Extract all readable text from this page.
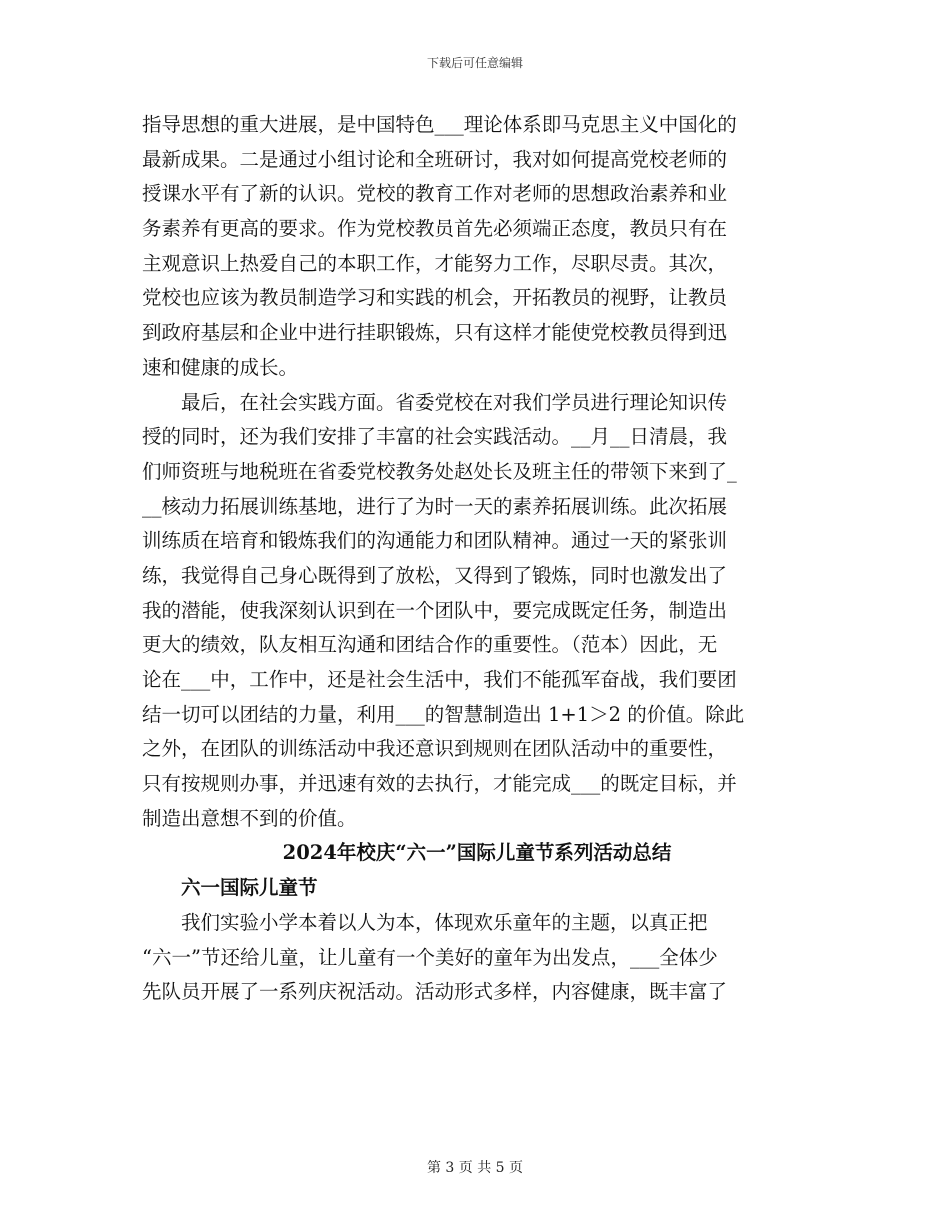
下载后可任意编辑
指导思想的重大进展，是中国特色___理论体系即马克思主义中国化的
最新成果。二是通过小组讨论和全班研讨，我对如何提高党校老师的
授课水平有了新的认识。党校的教育工作对老师的思想政治素养和业
务素养有更高的要求。作为党校教员首先必须端正态度，教员只有在
主观意识上热爱自己的本职工作，才能努力工作，尽职尽责。其次，
党校也应该为教员制造学习和实践的机会，开拓教员的视野，让教员
到政府基层和企业中进行挂职锻炼，只有这样才能使党校教员得到迅
速和健康的成长。
　　最后，在社会实践方面。省委党校在对我们学员进行理论知识传
授的同时，还为我们安排了丰富的社会实践活动。__月__日清晨，我
们师资班与地税班在省委党校教务处赵处长及班主任的带领下来到了_
__核动力拓展训练基地，进行了为时一天的素养拓展训练。此次拓展
训练质在培育和锻炼我们的沟通能力和团队精神。通过一天的紧张训
练，我觉得自己身心既得到了放松，又得到了锻炼，同时也激发出了
我的潜能，使我深刻认识到在一个团队中，要完成既定任务，制造出
更大的绩效，队友相互沟通和团结合作的重要性。（范本）因此，无
论在___中，工作中，还是社会生活中，我们不能孤军奋战，我们要团
结一切可以团结的力量，利用___的智慧制造出 1+1＞2 的价值。除此
之外，在团队的训练活动中我还意识到规则在团队活动中的重要性，
只有按规则办事，并迅速有效的去执行，才能完成___的既定目标，并
制造出意想不到的价值。
2024年校庆“六一”国际儿童节系列活动总结
　　六一国际儿童节
　　我们实验小学本着以人为本，体现欢乐童年的主题，以真正把
“六一”节还给儿童，让儿童有一个美好的童年为出发点，___全体少
先队员开展了一系列庆祝活动。活动形式多样，内容健康，既丰富了
第 3 页 共 5 页
